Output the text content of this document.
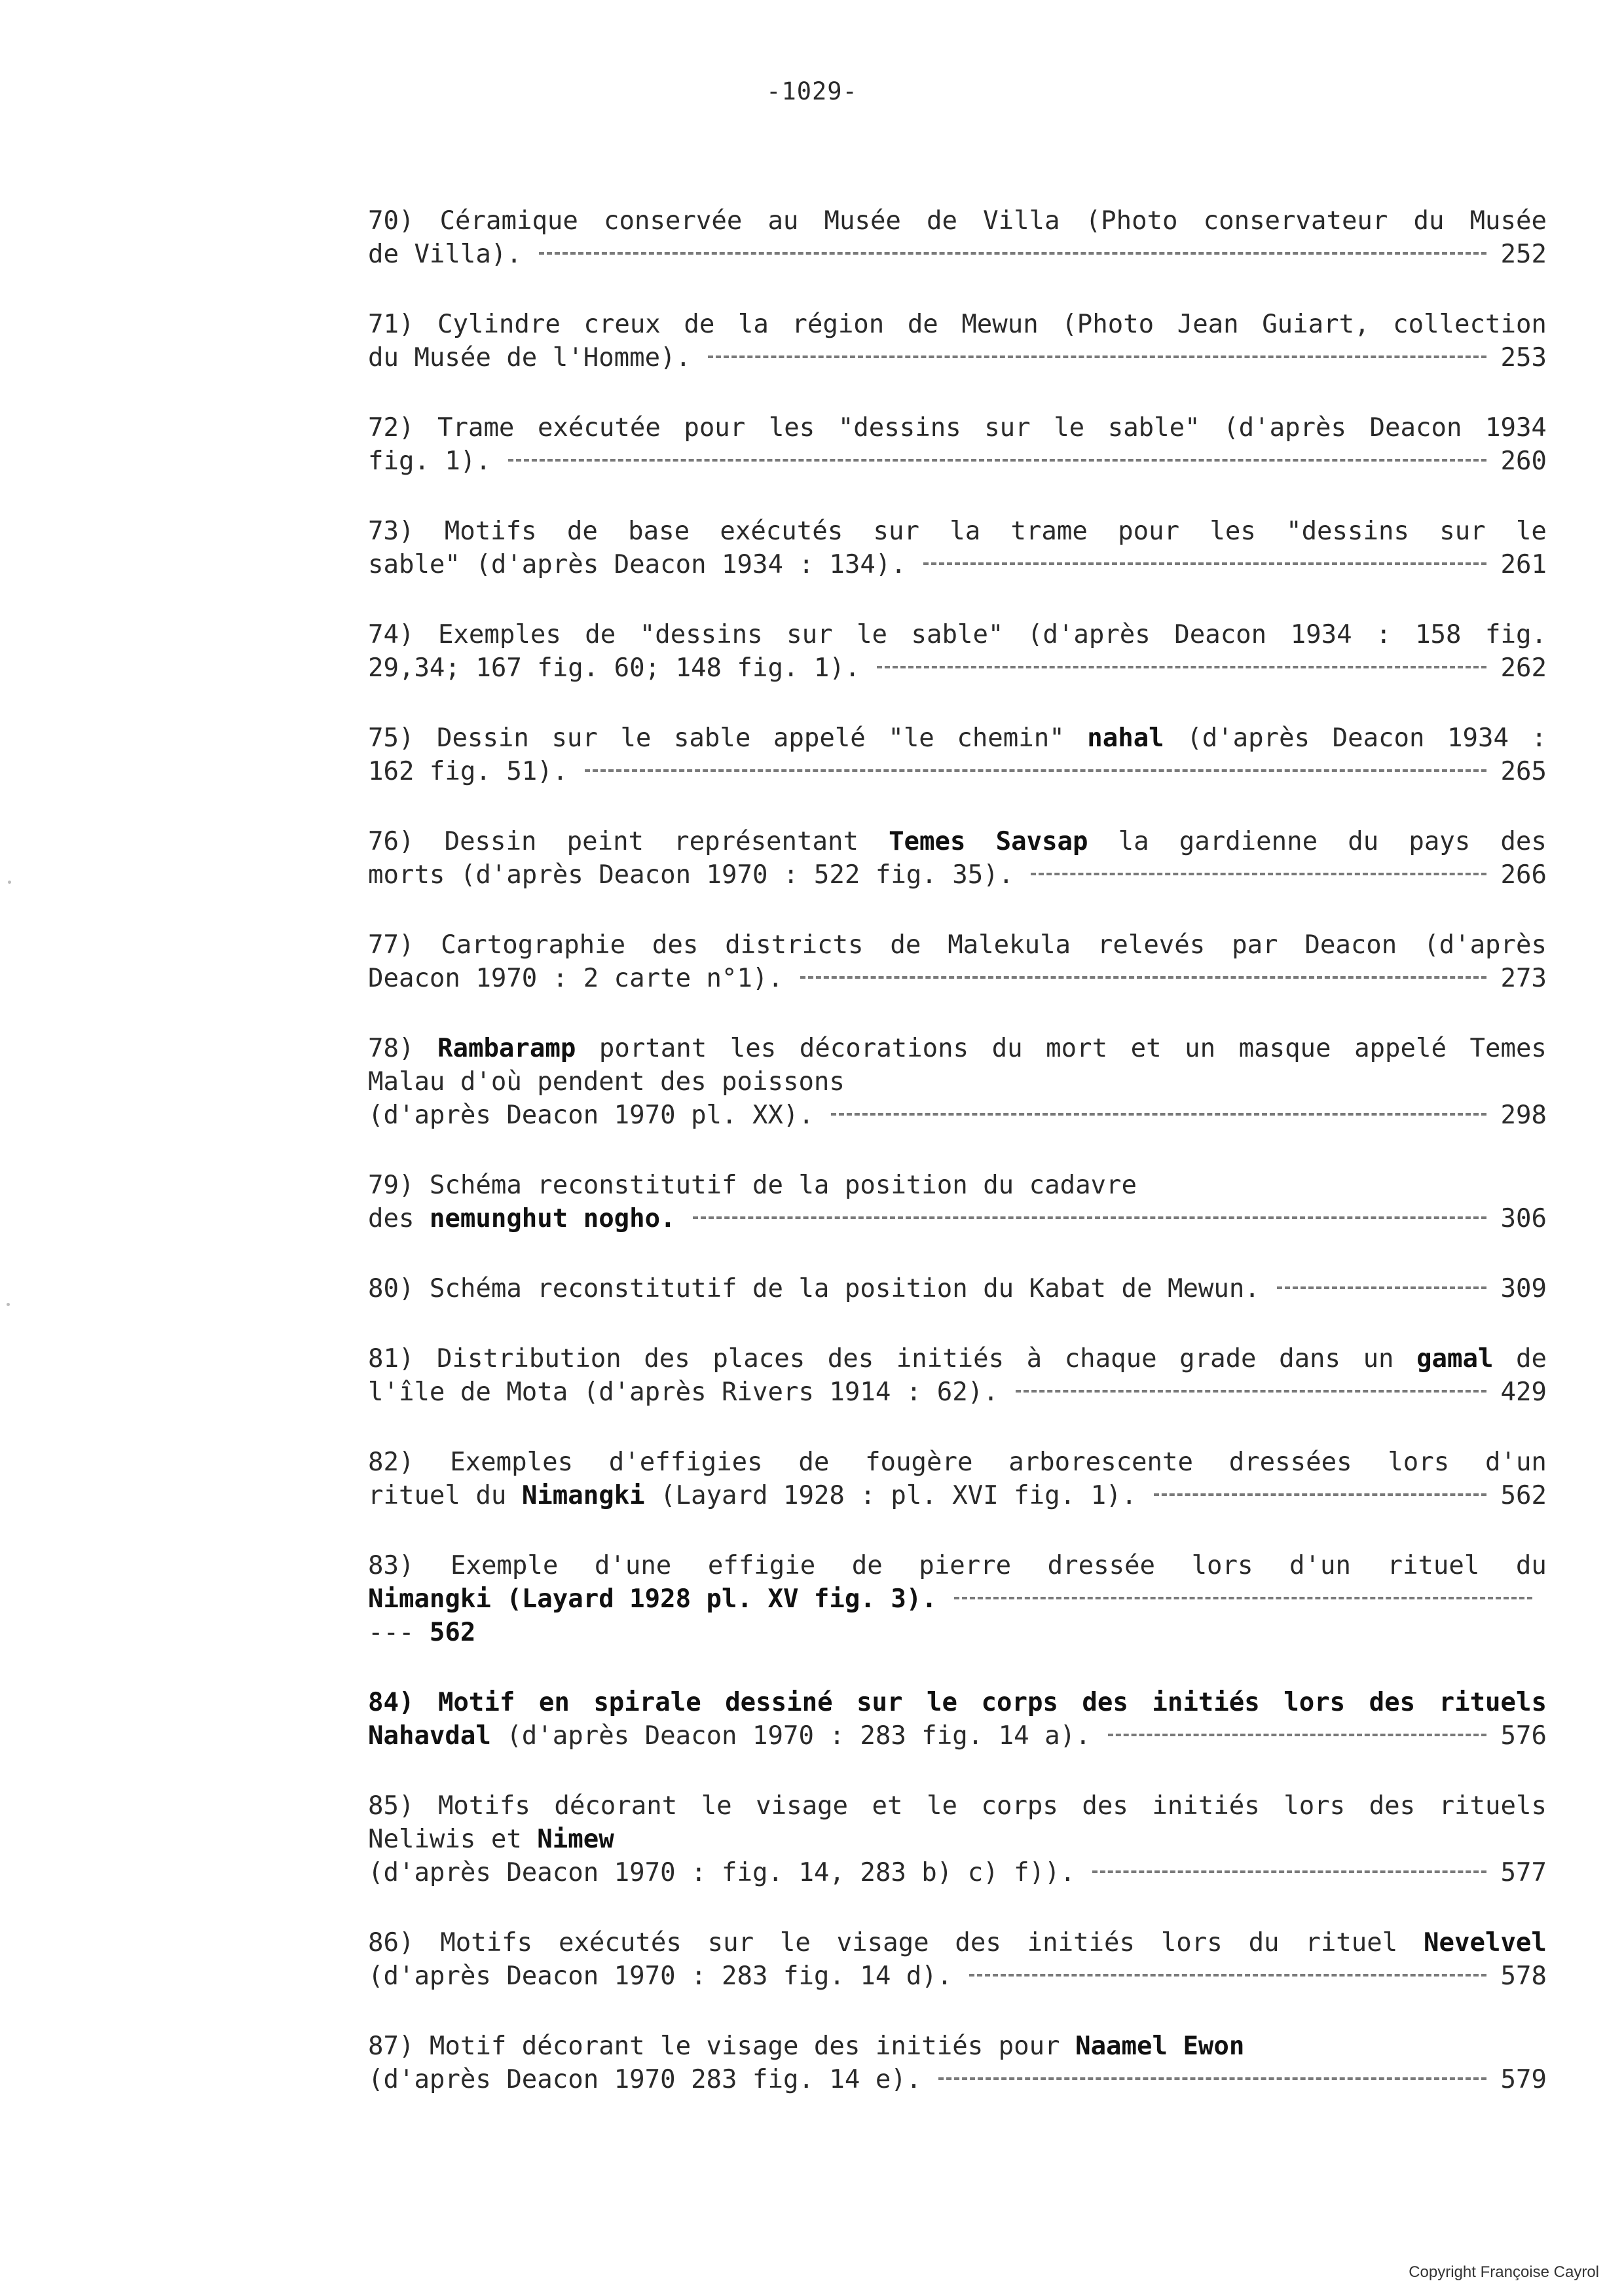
-1029-
70) Céramique conservée au Musée de Villa (Photo conservateur du Musée
de Villa).	252
71) Cylindre creux de la région de Mewun (Photo Jean Guiart, collection
du Musée de l'Homme).	253
72) Trame exécutée pour les "dessins sur le sable" (d'après Deacon 1934
fig. 1).	260
73) Motifs de base exécutés sur la trame pour les "dessins sur le
sable" (d'après Deacon 1934 : 134).	261
74) Exemples de "dessins sur le sable" (d'après Deacon 1934 : 158 fig.
29,34; 167 fig. 60; 148 fig. 1).	262
75) Dessin sur le sable appelé "le chemin" nahal (d'après Deacon 1934 :
162 fig. 51).	265
76) Dessin peint représentant Temes Savsap la gardienne du pays des
morts (d'après Deacon 1970 : 522 fig. 35).	266
77) Cartographie des districts de Malekula relevés par Deacon (d'après
Deacon 1970 : 2 carte n°1).	273
78) Rambaramp portant les décorations du mort et un masque appelé Temes
Malau d'où pendent des poissons
(d'après Deacon 1970 pl. XX).	298
79) Schéma reconstitutif de la position du cadavre
des nemunghut nogho.	306
80) Schéma reconstitutif de la position du Kabat de Mewun.	309
81) Distribution des places des initiés à chaque grade dans un gamal de
l'île de Mota (d'après Rivers 1914 : 62).	429
82) Exemples d'effigies de fougère arborescente dressées lors d'un
rituel du Nimangki (Layard 1928 : pl. XVI fig. 1).	562
83) Exemple d'une effigie de pierre dressée lors d'un rituel du
Nimangki (Layard 1928 pl. XV fig. 3).
--- 562
84) Motif en spirale dessiné sur le corps des initiés lors des rituels
Nahavdal (d'après Deacon 1970 : 283 fig. 14 a).	576
85) Motifs décorant le visage et le corps des initiés lors des rituels
Neliwis et Nimew
(d'après Deacon 1970 : fig. 14, 283 b) c) f)).	577
86) Motifs exécutés sur le visage des initiés lors du rituel Nevelvel
(d'après Deacon 1970 : 283 fig. 14 d).	578
87) Motif décorant le visage des initiés pour Naamel Ewon
(d'après Deacon 1970 283 fig. 14 e).	579
Copyright Françoise Cayrol
